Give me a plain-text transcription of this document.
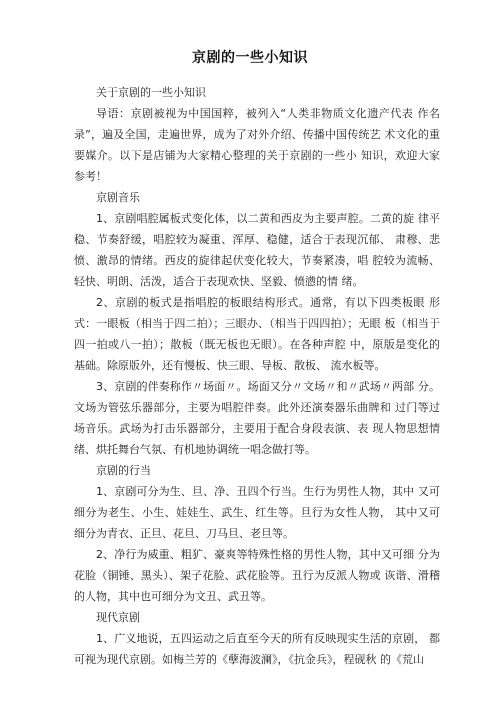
京剧的一些小知识

关于京剧的一些小知识

导语：京剧被视为中国国粹，被列入“人类非物质文化遗产代表 作名录”，遍及全国，走遍世界，成为了对外介绍、传播中国传统艺 术文化的重要媒介。以下是店铺为大家精心整理的关于京剧的一些小 知识，欢迎大家参考！

京剧音乐

1、京剧唱腔属板式变化体，以二黄和西皮为主要声腔。二黄的旋 律平稳、节奏舒缓，唱腔较为凝重、浑厚、稳健，适合于表现沉郁、 肃穆、悲愤、激昂的情绪。西皮的旋律起伏变化较大，节奏紧凑，唱 腔较为流畅、轻快、明朗、活泼，适合于表现欢快、坚毅、愤懑的情 绪。

2、京剧的板式是指唱腔的板眼结构形式。通常，有以下四类板眼 形式：一眼板（相当于四二拍）；三眼办、（相当于四四拍）；无眼 板（相当于四一拍或八一拍）；散板（既无板也无眼）。在各种声腔 中，原版是变化的基础。除原版外，还有慢板、快三眼、导板、散板、 流水板等。

3、京剧的伴奏称作〃场面〃。场面又分〃文场〃和〃武场〃两部 分。文场为管弦乐器部分，主要为唱腔伴奏。此外还演奏器乐曲牌和 过门等过场音乐。武场为打击乐器部分，主要用于配合身段表演、表 现人物思想情绪、烘托舞台气氛、有机地协调统一唱念做打等。

京剧的行当

1、京剧可分为生、旦、净、丑四个行当。生行为男性人物，其中 又可细分为老生、小生、娃娃生、武生、红生等。旦行为女性人物， 其中又可细分为青衣、正旦、花旦、刀马旦、老旦等。

2、净行为威重、粗犷、豪爽等特殊性格的男性人物，其中又可细 分为花脸（铜锤、黑头）、架子花脸、武花脸等。丑行为反派人物或 诙谐、滑稽的人物，其中也可细分为文丑、武丑等。

现代京剧

1、广义地说，五四运动之后直至今天的所有反映现实生活的京剧， 都可视为现代京剧。如梅兰芳的《孽海波澜》，《抗金兵》，程砚秋 的《荒山
